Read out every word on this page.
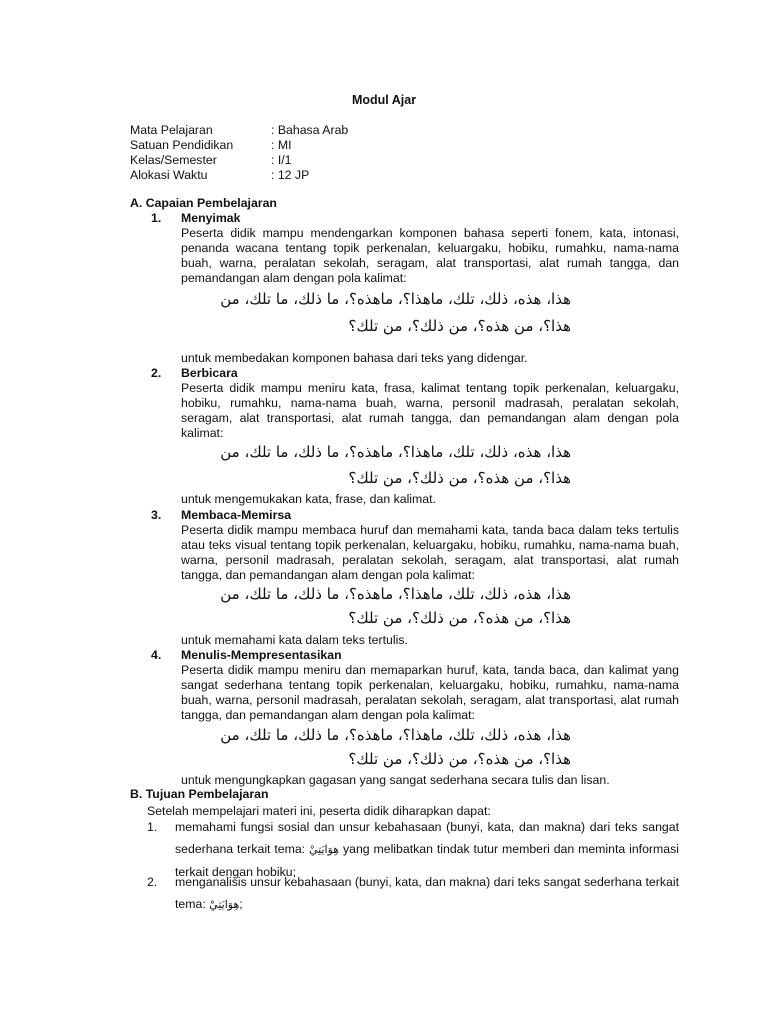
Modul Ajar
Mata Pelajaran	: Bahasa Arab
Satuan Pendidikan	: MI
Kelas/Semester	: I/1
Alokasi Waktu	: 12 JP
A. Capaian Pembelajaran
1. Menyimak
Peserta didik mampu mendengarkan komponen bahasa seperti fonem, kata, intonasi, penanda wacana tentang topik perkenalan, keluargaku, hobiku, rumahku, nama-nama buah, warna, peralatan sekolah, seragam, alat transportasi, alat rumah tangga, dan pemandangan alam dengan pola kalimat:
هذا، هذه، ذلك، تلك، ماهذا؟، ماهذه؟، ما ذلك، ما تلك، من
هذا؟، من هذه؟، من ذلك؟، من تلك؟
untuk membedakan komponen bahasa dari teks yang didengar.
2. Berbicara
Peserta didik mampu meniru kata, frasa, kalimat tentang topik perkenalan, keluargaku, hobiku, rumahku, nama-nama buah, warna, personil madrasah, peralatan sekolah, seragam, alat transportasi, alat rumah tangga, dan pemandangan alam dengan pola kalimat:
هذا، هذه، ذلك، تلك، ماهذا؟، ماهذه؟، ما ذلك، ما تلك، من
هذا؟، من هذه؟، من ذلك؟، من تلك؟
untuk mengemukakan kata, frase, dan kalimat.
3. Membaca-Memirsa
Peserta didik mampu membaca huruf dan memahami kata, tanda baca dalam teks tertulis atau teks visual tentang topik perkenalan, keluargaku, hobiku, rumahku, nama-nama buah, warna, personil madrasah, peralatan sekolah, seragam, alat transportasi, alat rumah tangga, dan pemandangan alam dengan pola kalimat:
هذا، هذه، ذلك، تلك، ماهذا؟، ماهذه؟، ما ذلك، ما تلك، من
هذا؟، من هذه؟، من ذلك؟، من تلك؟
untuk memahami kata dalam teks tertulis.
4. Menulis-Mempresentasikan
Peserta didik mampu meniru dan memaparkan huruf, kata, tanda baca, dan kalimat yang sangat sederhana tentang topik perkenalan, keluargaku, hobiku, rumahku, nama-nama buah, warna, personil madrasah, peralatan sekolah, seragam, alat transportasi, alat rumah tangga, dan pemandangan alam dengan pola kalimat:
هذا، هذه، ذلك، تلك، ماهذا؟، ماهذه؟، ما ذلك، ما تلك، من
هذا؟، من هذه؟، من ذلك؟، من تلك؟
untuk mengungkapkan gagasan yang sangat sederhana secara tulis dan lisan.
B. Tujuan Pembelajaran
Setelah mempelajari materi ini, peserta didik diharapkan dapat:
1. memahami fungsi sosial dan unsur kebahasaan (bunyi, kata, dan makna) dari teks sangat sederhana terkait tema: هِوَايَتِيْ yang melibatkan tindak tutur memberi dan meminta informasi terkait dengan hobiku;
2. menganalisis unsur kebahasaan (bunyi, kata, dan makna) dari teks sangat sederhana terkait tema: هِوَايَتِيْ;
